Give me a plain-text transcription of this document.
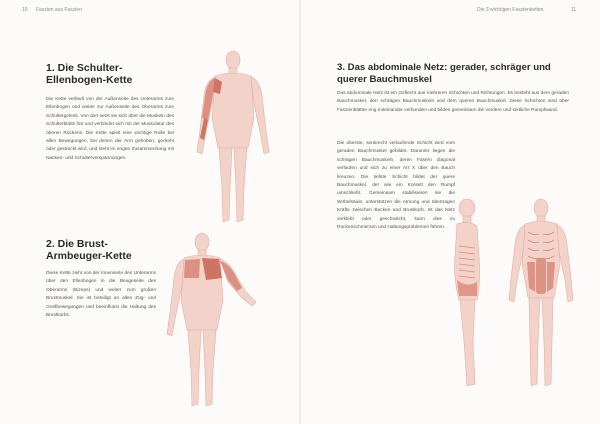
10 Faszien aus Faszien
1. Die Schulter-
Ellenbogen-Kette

Die Kette verläuft von der Außenseite des Unterarms zum Ellenbogen und weiter zur Außenseite des Oberarms zum Schultergelenk. Von dort setzt sie sich über die Muskeln des Schulterblatts fort und verbindet sich mit der Muskulatur des oberen Rückens. Die Kette spielt eine wichtige Rolle bei allen Bewegungen, bei denen der Arm gehoben, gedreht oder gestreckt wird, und steht im engen Zusammenhang mit Nacken- und Schulterverspannungen.

2. Die Brust-
Armbeuger-Kette

Diese Kette zieht von der Innenseite des Unterarms über den Ellenbogen in die Beugeseite des Oberarms (Bizeps) und weiter zum großen Brustmuskel. Sie ist beteiligt an allen Zug- und Greifbewegungen und beeinflusst die Haltung des Brustkorbs.

Die 3 wichtigen Faszienketten	11
3. Das abdominale Netz: gerader, schräger und
querer Bauchmuskel

Das abdominale Netz ist ein Geflecht aus mehreren Schichten und Richtungen. Es besteht aus dem geraden Bauchmuskel, den schrägen Bauchmuskeln und dem queren Bauchmuskel. Diese Schichten sind über Faszienblätter eng miteinander verbunden und bilden gemeinsam die vordere und seitliche Rumpfwand.

Die oberste, senkrecht verlaufende Schicht wird vom geraden Bauchmuskel gebildet. Darunter liegen die schrägen Bauchmuskeln, deren Fasern diagonal verlaufen und sich zu einer Art X über den Bauch kreuzen. Die tiefste Schicht bildet der quere Bauchmuskel, der wie ein Korsett den Rumpf umschließt. Gemeinsam stabilisieren sie die Wirbelsäule, unterstützen die Atmung und übertragen Kräfte zwischen Becken und Brustkorb. Ist das Netz verklebt oder geschwächt, kann dies zu Rückenschmerzen und Haltungsproblemen führen.
